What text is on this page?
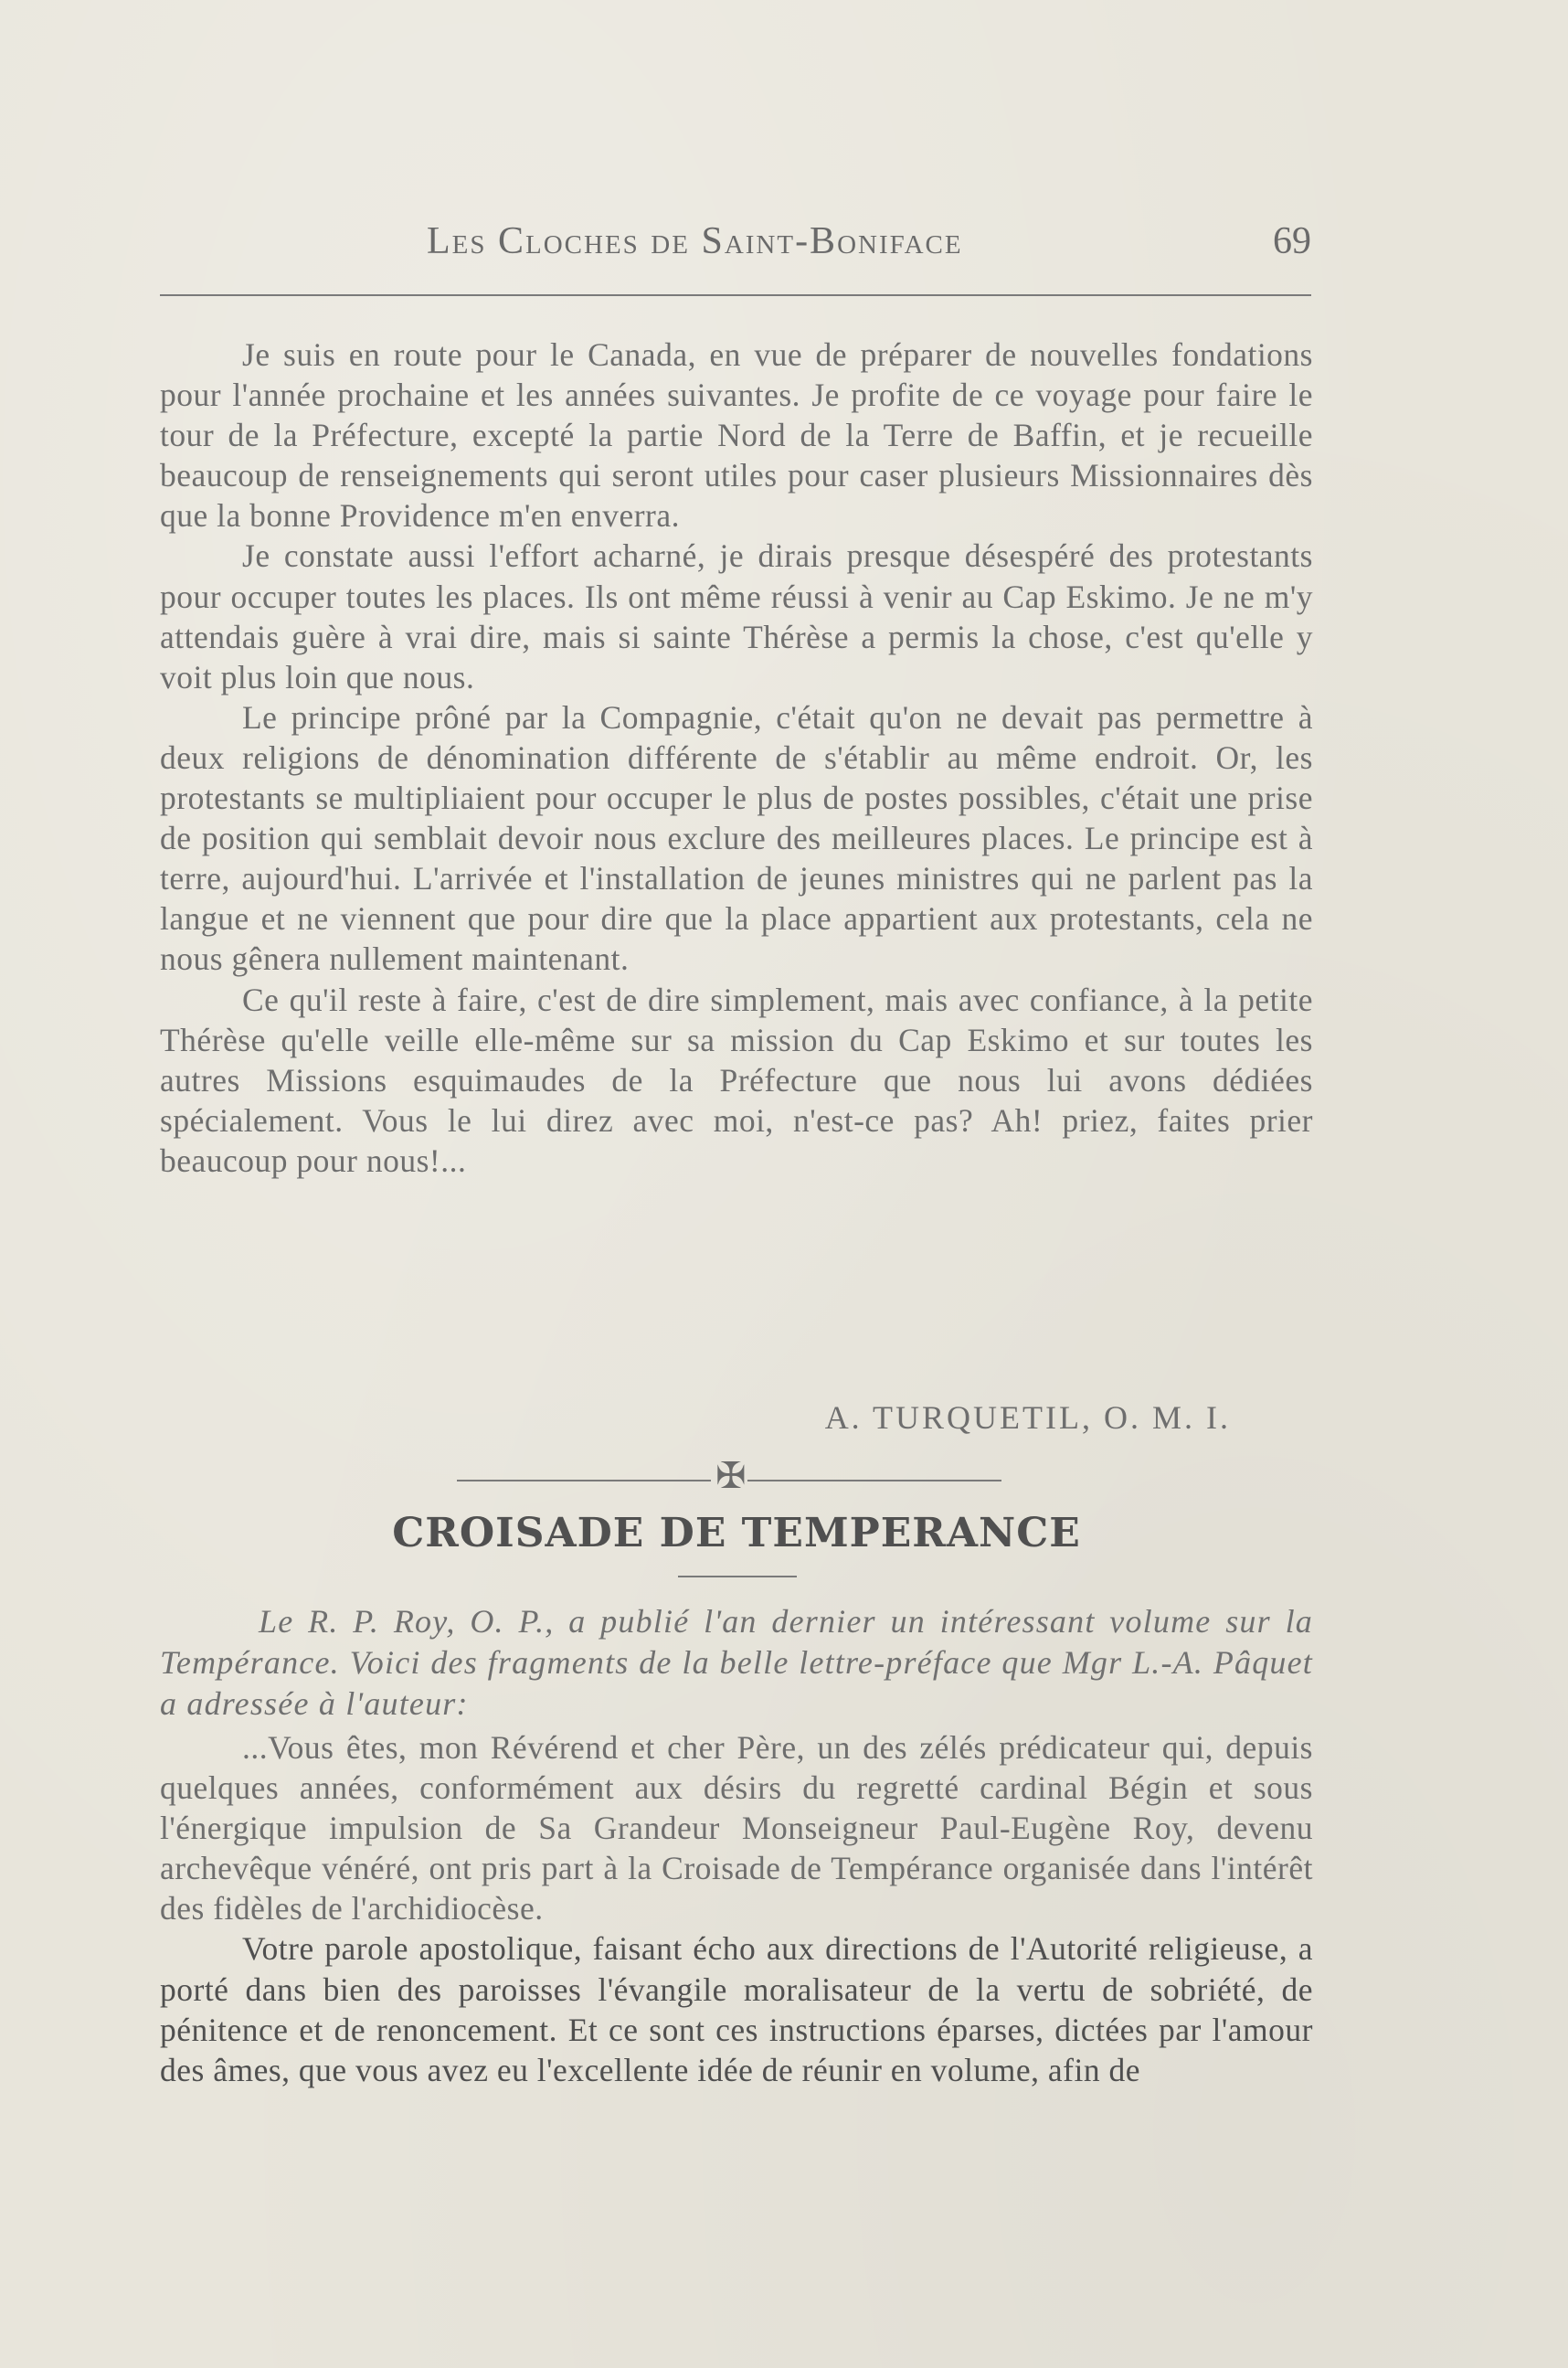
Les Cloches de Saint-Boniface	69

Je suis en route pour le Canada, en vue de préparer de nouvelles fondations pour l'année prochaine et les années suivantes. Je profite de ce voyage pour faire le tour de la Préfecture, excepté la partie Nord de la Terre de Baffin, et je recueille beaucoup de renseignements qui seront utiles pour caser plusieurs Missionnaires dès que la bonne Providence m'en enverra.

Je constate aussi l'effort acharné, je dirais presque désespéré des protestants pour occuper toutes les places. Ils ont même réussi à venir au Cap Eskimo. Je ne m'y attendais guère à vrai dire, mais si sainte Thérèse a permis la chose, c'est qu'elle y voit plus loin que nous.

Le principe prôné par la Compagnie, c'était qu'on ne devait pas permettre à deux religions de dénomination différente de s'établir au même endroit. Or, les protestants se multipliaient pour occuper le plus de postes possibles, c'était une prise de position qui semblait devoir nous exclure des meilleures places. Le principe est à terre, aujourd'hui. L'arrivée et l'installation de jeunes ministres qui ne parlent pas la langue et ne viennent que pour dire que la place appartient aux protestants, cela ne nous gênera nullement maintenant.

Ce qu'il reste à faire, c'est de dire simplement, mais avec confiance, à la petite Thérèse qu'elle veille elle-même sur sa mission du Cap Eskimo et sur toutes les autres Missions esquimaudes de la Préfecture que nous lui avons dédiées spécialement. Vous le lui direz avec moi, n'est-ce pas? Ah! priez, faites prier beaucoup pour nous!...

A. TURQUETIL, O. M. I.
✠
CROISADE DE TEMPERANCE

Le R. P. Roy, O. P., a publié l'an dernier un intéressant volume sur la Tempérance. Voici des fragments de la belle lettre-préface que Mgr L.-A. Pâquet a adressée à l'auteur:

...Vous êtes, mon Révérend et cher Père, un des zélés prédicateur qui, depuis quelques années, conformément aux désirs du regretté cardinal Bégin et sous l'énergique impulsion de Sa Grandeur Monseigneur Paul-Eugène Roy, devenu archevêque vénéré, ont pris part à la Croisade de Tempérance organisée dans l'intérêt des fidèles de l'archidiocèse.

Votre parole apostolique, faisant écho aux directions de l'Autorité religieuse, a porté dans bien des paroisses l'évangile moralisateur de la vertu de sobriété, de pénitence et de renoncement. Et ce sont ces instructions éparses, dictées par l'amour des âmes, que vous avez eu l'excellente idée de réunir en volume, afin de
